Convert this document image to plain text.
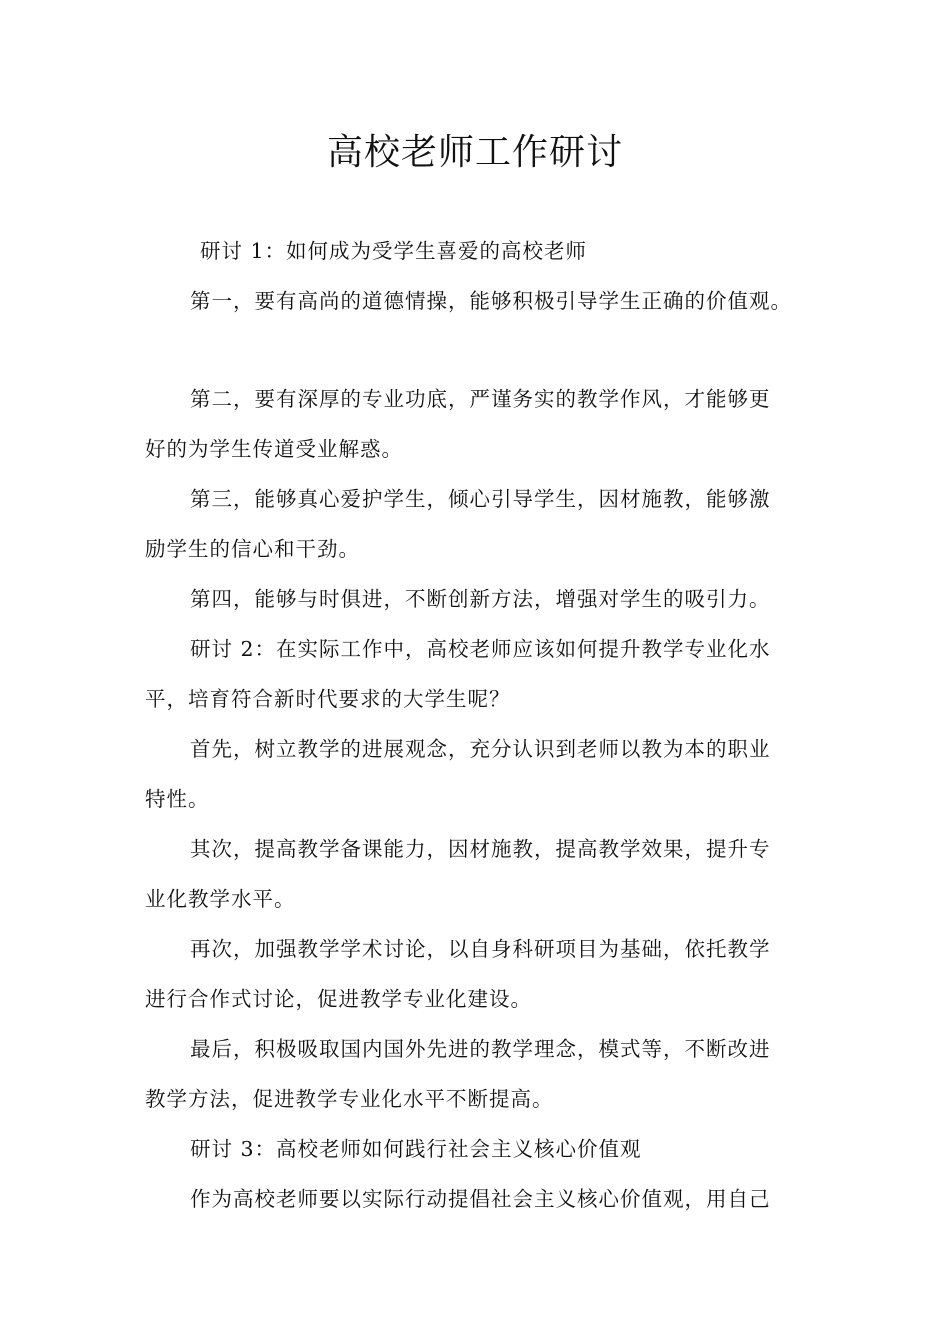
高校老师工作研讨
研讨 1：如何成为受学生喜爱的高校老师
第一，要有高尚的道德情操，能够积极引导学生正确的价值观。
第二，要有深厚的专业功底，严谨务实的教学作风，才能够更
好的为学生传道受业解惑。
第三，能够真心爱护学生，倾心引导学生，因材施教，能够激
励学生的信心和干劲。
第四，能够与时俱进，不断创新方法，增强对学生的吸引力。
研讨 2：在实际工作中，高校老师应该如何提升教学专业化水
平，培育符合新时代要求的大学生呢？
首先，树立教学的进展观念，充分认识到老师以教为本的职业
特性。
其次，提高教学备课能力，因材施教，提高教学效果，提升专
业化教学水平。
再次，加强教学学术讨论，以自身科研项目为基础，依托教学
进行合作式讨论，促进教学专业化建设。
最后，积极吸取国内国外先进的教学理念，模式等，不断改进
教学方法，促进教学专业化水平不断提高。
研讨 3：高校老师如何践行社会主义核心价值观
作为高校老师要以实际行动提倡社会主义核心价值观，用自己
